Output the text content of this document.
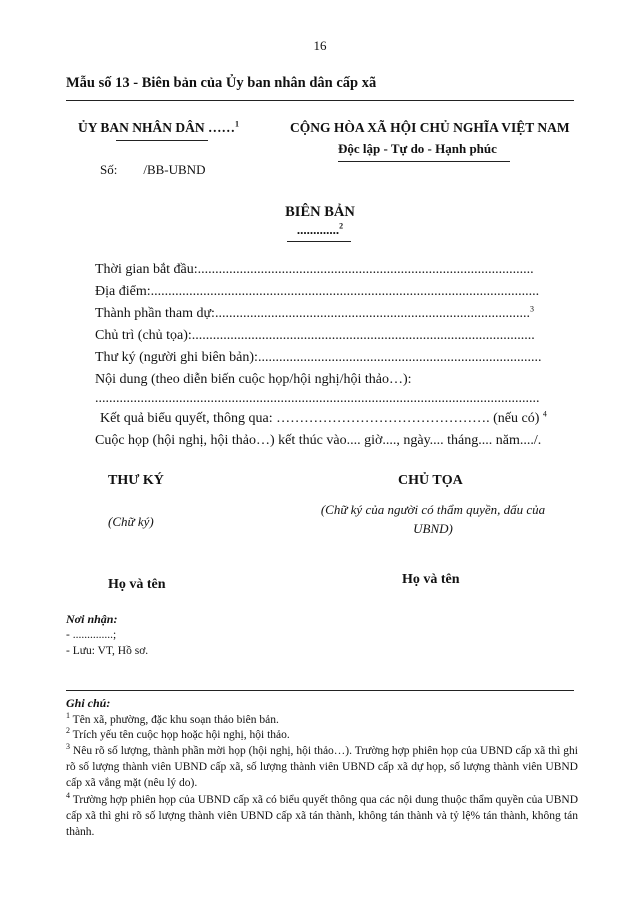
16
Mẫu số 13 - Biên bản của Ủy ban nhân dân cấp xã
ỦY BAN NHÂN DÂN ……$^1$	CỘNG HÒA XÃ HỘI CHỦ NGHĨA VIỆT NAM
Độc lập - Tự do - Hạnh phúc
Số: /BB-UBND
BIÊN BẢN
.............$^2$
Thời gian bắt đầu:................................................................................................
Địa điểm:...............................................................................................................
Thành phần tham dự:..........................................................................................$^3$
Chủ trì (chủ tọa):..................................................................................................
Thư ký (người ghi biên bản):.................................................................................
Nội dung (theo diễn biến cuộc họp/hội nghị/hội thảo…):
...............................................................................................................................
Kết quả biểu quyết, thông qua: ………………………………………. (nếu có) $^4$
Cuộc họp (hội nghị, hội thảo…) kết thúc vào.... giờ...., ngày.... tháng.... năm..../.
THƯ KÝ	CHỦ TỌA
(Chữ ký)
(Chữ ký của người có thẩm quyền, dấu của UBND)
Họ và tên	Họ và tên
Nơi nhận:
- ..............;
- Lưu: VT, Hồ sơ.
Ghi chú:
$^1$ Tên xã, phường, đặc khu soạn thảo biên bản.
$^2$ Trích yếu tên cuộc họp hoặc hội nghị, hội thảo.
$^3$ Nêu rõ số lượng, thành phần mời họp (hội nghị, hội thảo…). Trường hợp phiên họp của UBND cấp xã thì ghi rõ số lượng thành viên UBND cấp xã, số lượng thành viên UBND cấp xã dự họp, số lượng thành viên UBND cấp xã vắng mặt (nêu lý do).
$^4$ Trường hợp phiên họp của UBND cấp xã có biểu quyết thông qua các nội dung thuộc thẩm quyền của UBND cấp xã thì ghi rõ số lượng thành viên UBND cấp xã tán thành, không tán thành và tỷ lệ% tán thành, không tán thành.
